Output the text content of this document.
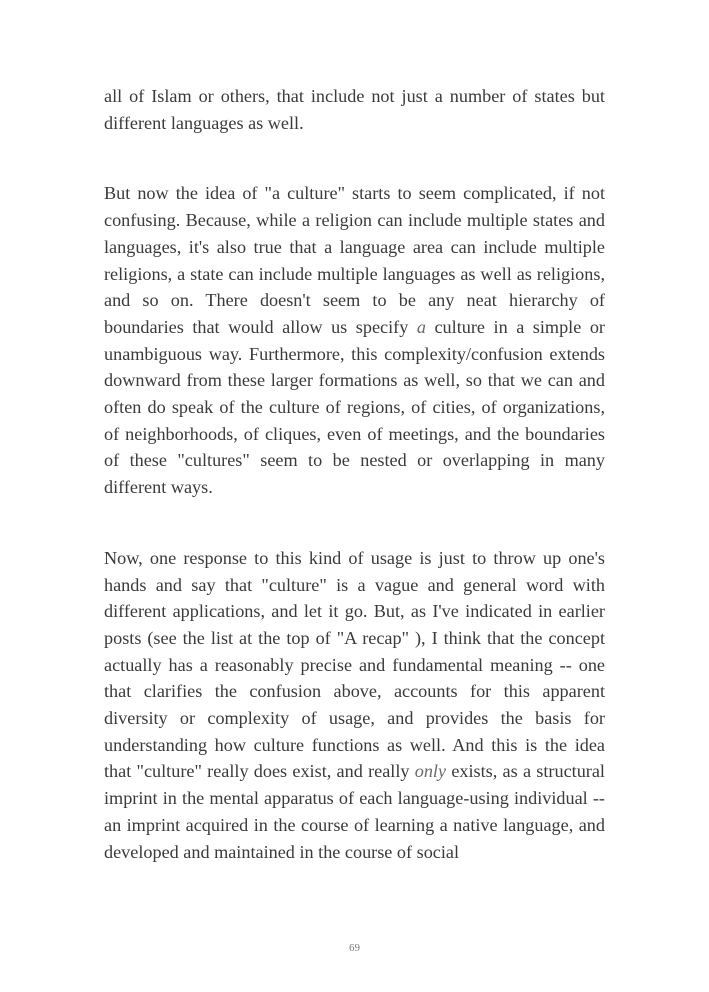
all of Islam or others, that include not just a number of states but different languages as well.

But now the idea of "a culture" starts to seem complicated, if not confusing. Because, while a religion can include multiple states and languages, it's also true that a language area can include multiple religions, a state can include multiple languages as well as religions, and so on. There doesn't seem to be any neat hierarchy of boundaries that would allow us specify a culture in a simple or unambiguous way. Furthermore, this complexity/confusion extends downward from these larger formations as well, so that we can and often do speak of the culture of regions, of cities, of organizations, of neighborhoods, of cliques, even of meetings, and the boundaries of these "cultures" seem to be nested or overlapping in many different ways.

Now, one response to this kind of usage is just to throw up one's hands and say that "culture" is a vague and general word with different applications, and let it go. But, as I've indicated in earlier posts (see the list at the top of "A recap" ), I think that the concept actually has a reasonably precise and fundamental meaning -- one that clarifies the confusion above, accounts for this apparent diversity or complexity of usage, and provides the basis for understanding how culture functions as well. And this is the idea that "culture" really does exist, and really only exists, as a structural imprint in the mental apparatus of each language-using individual -- an imprint acquired in the course of learning a native language, and developed and maintained in the course of social

69
